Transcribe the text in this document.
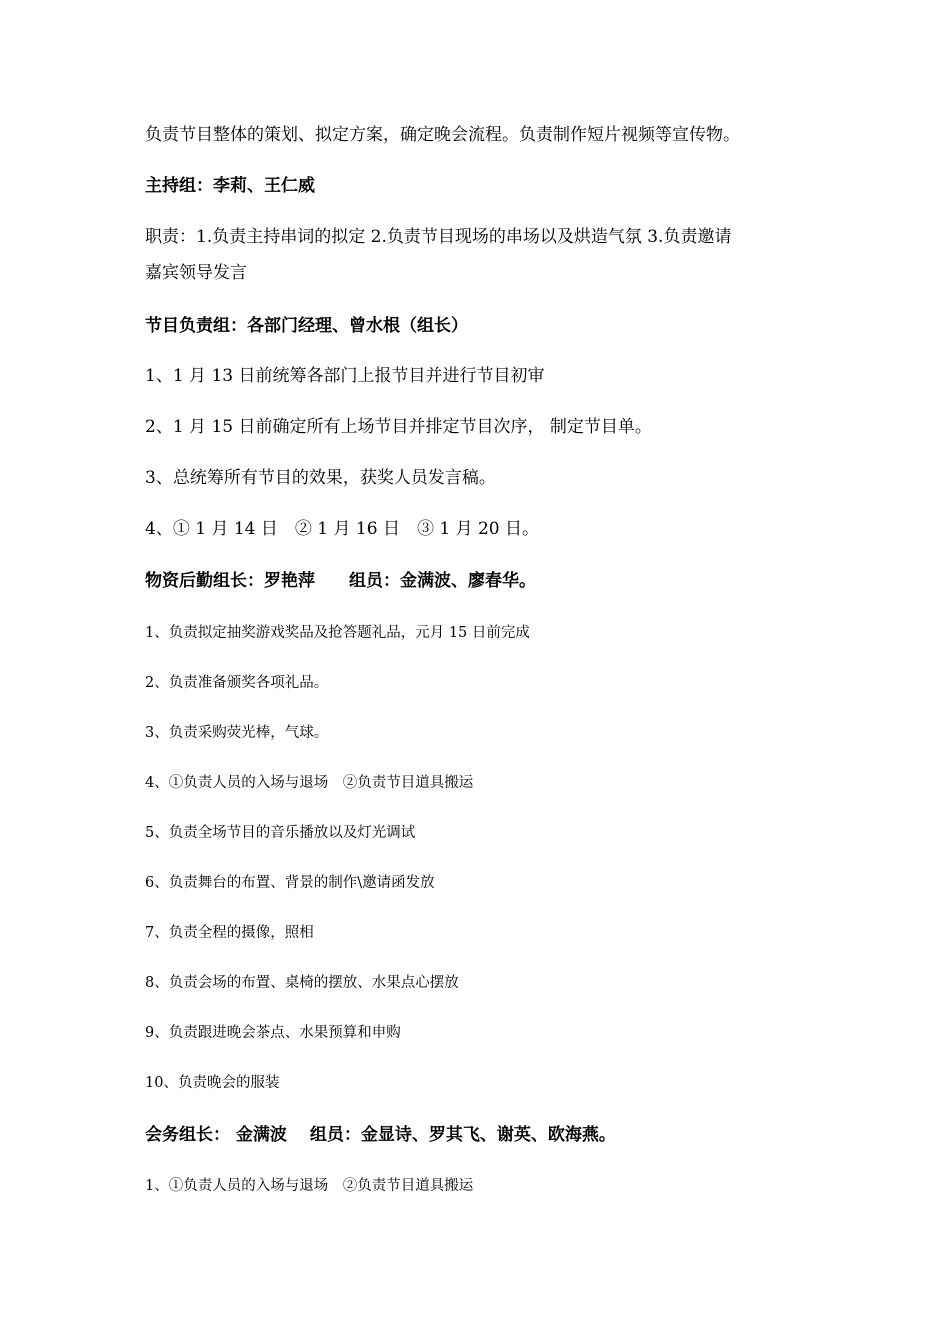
负责节目整体的策划、拟定方案，确定晚会流程。负责制作短片视频等宣传物。
主持组：李莉、王仁威
职责：1.负责主持串词的拟定 2.负责节目现场的串场以及烘造气氛 3.负责邀请
嘉宾领导发言
节目负责组：各部门经理、曾水根（组长）
1、1 月 13 日前统筹各部门上报节目并进行节目初审
2、1 月 15 日前确定所有上场节目并排定节目次序， 制定节目单。
3、总统筹所有节目的效果，获奖人员发言稿。
4、① 1 月 14 日　② 1 月 16 日　③ 1 月 20 日。
物资后勤组长：罗艳萍　　组员：金满波、廖春华。
1、负责拟定抽奖游戏奖品及抢答题礼品，元月 15 日前完成
2、负责准备颁奖各项礼品。
3、负责采购荧光棒，气球。
4、①负责人员的入场与退场　②负责节目道具搬运
5、负责全场节目的音乐播放以及灯光调试
6、负责舞台的布置、背景的制作\邀请函发放
7、负责全程的摄像，照相
8、负责会场的布置、桌椅的摆放、水果点心摆放
9、负责跟进晚会茶点、水果预算和申购
10、负责晚会的服装
会务组长： 金满波　 组员：金显诗、罗其飞、谢英、欧海燕。
1、①负责人员的入场与退场　②负责节目道具搬运
